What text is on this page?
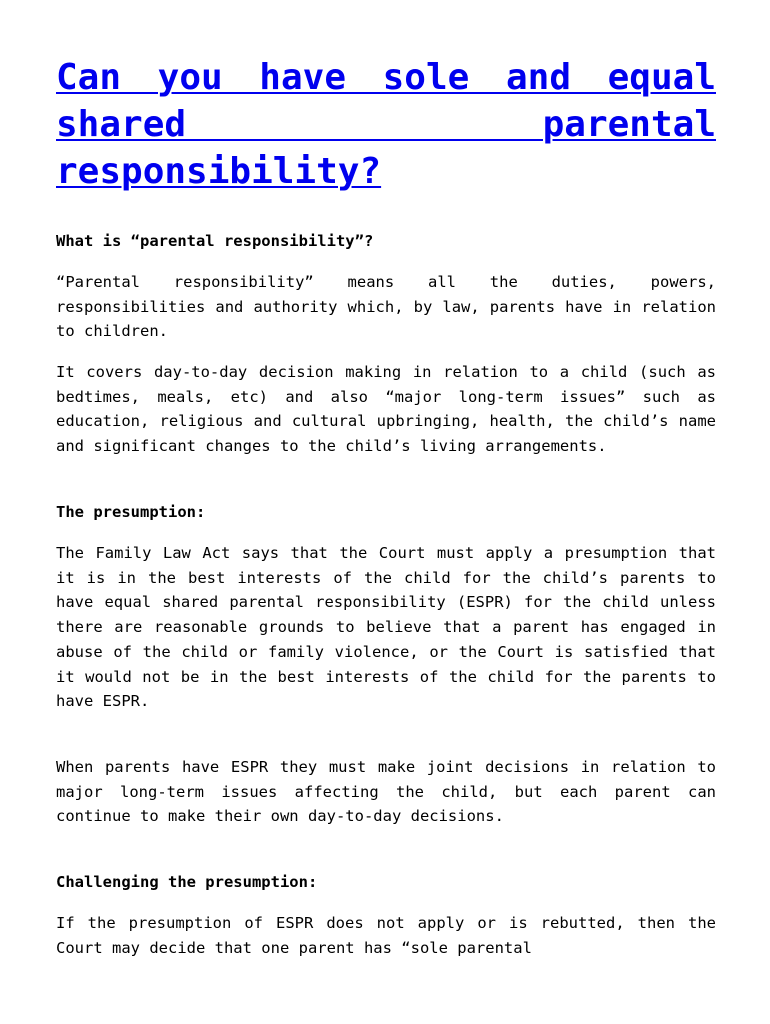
Can you have sole and equal shared parental responsibility?

What is “parental responsibility”?

“Parental responsibility” means all the duties, powers, responsibilities and authority which, by law, parents have in relation to children.

It covers day-to-day decision making in relation to a child (such as bedtimes, meals, etc) and also “major long-term issues” such as education, religious and cultural upbringing, health, the child’s name and significant changes to the child’s living arrangements.

The presumption:

The Family Law Act says that the Court must apply a presumption that it is in the best interests of the child for the child’s parents to have equal shared parental responsibility (ESPR) for the child unless there are reasonable grounds to believe that a parent has engaged in abuse of the child or family violence, or the Court is satisfied that it would not be in the best interests of the child for the parents to have ESPR.

When parents have ESPR they must make joint decisions in relation to major long-term issues affecting the child, but each parent can continue to make their own day-to-day decisions.

Challenging the presumption:

If the presumption of ESPR does not apply or is rebutted, then the Court may decide that one parent has “sole parental
